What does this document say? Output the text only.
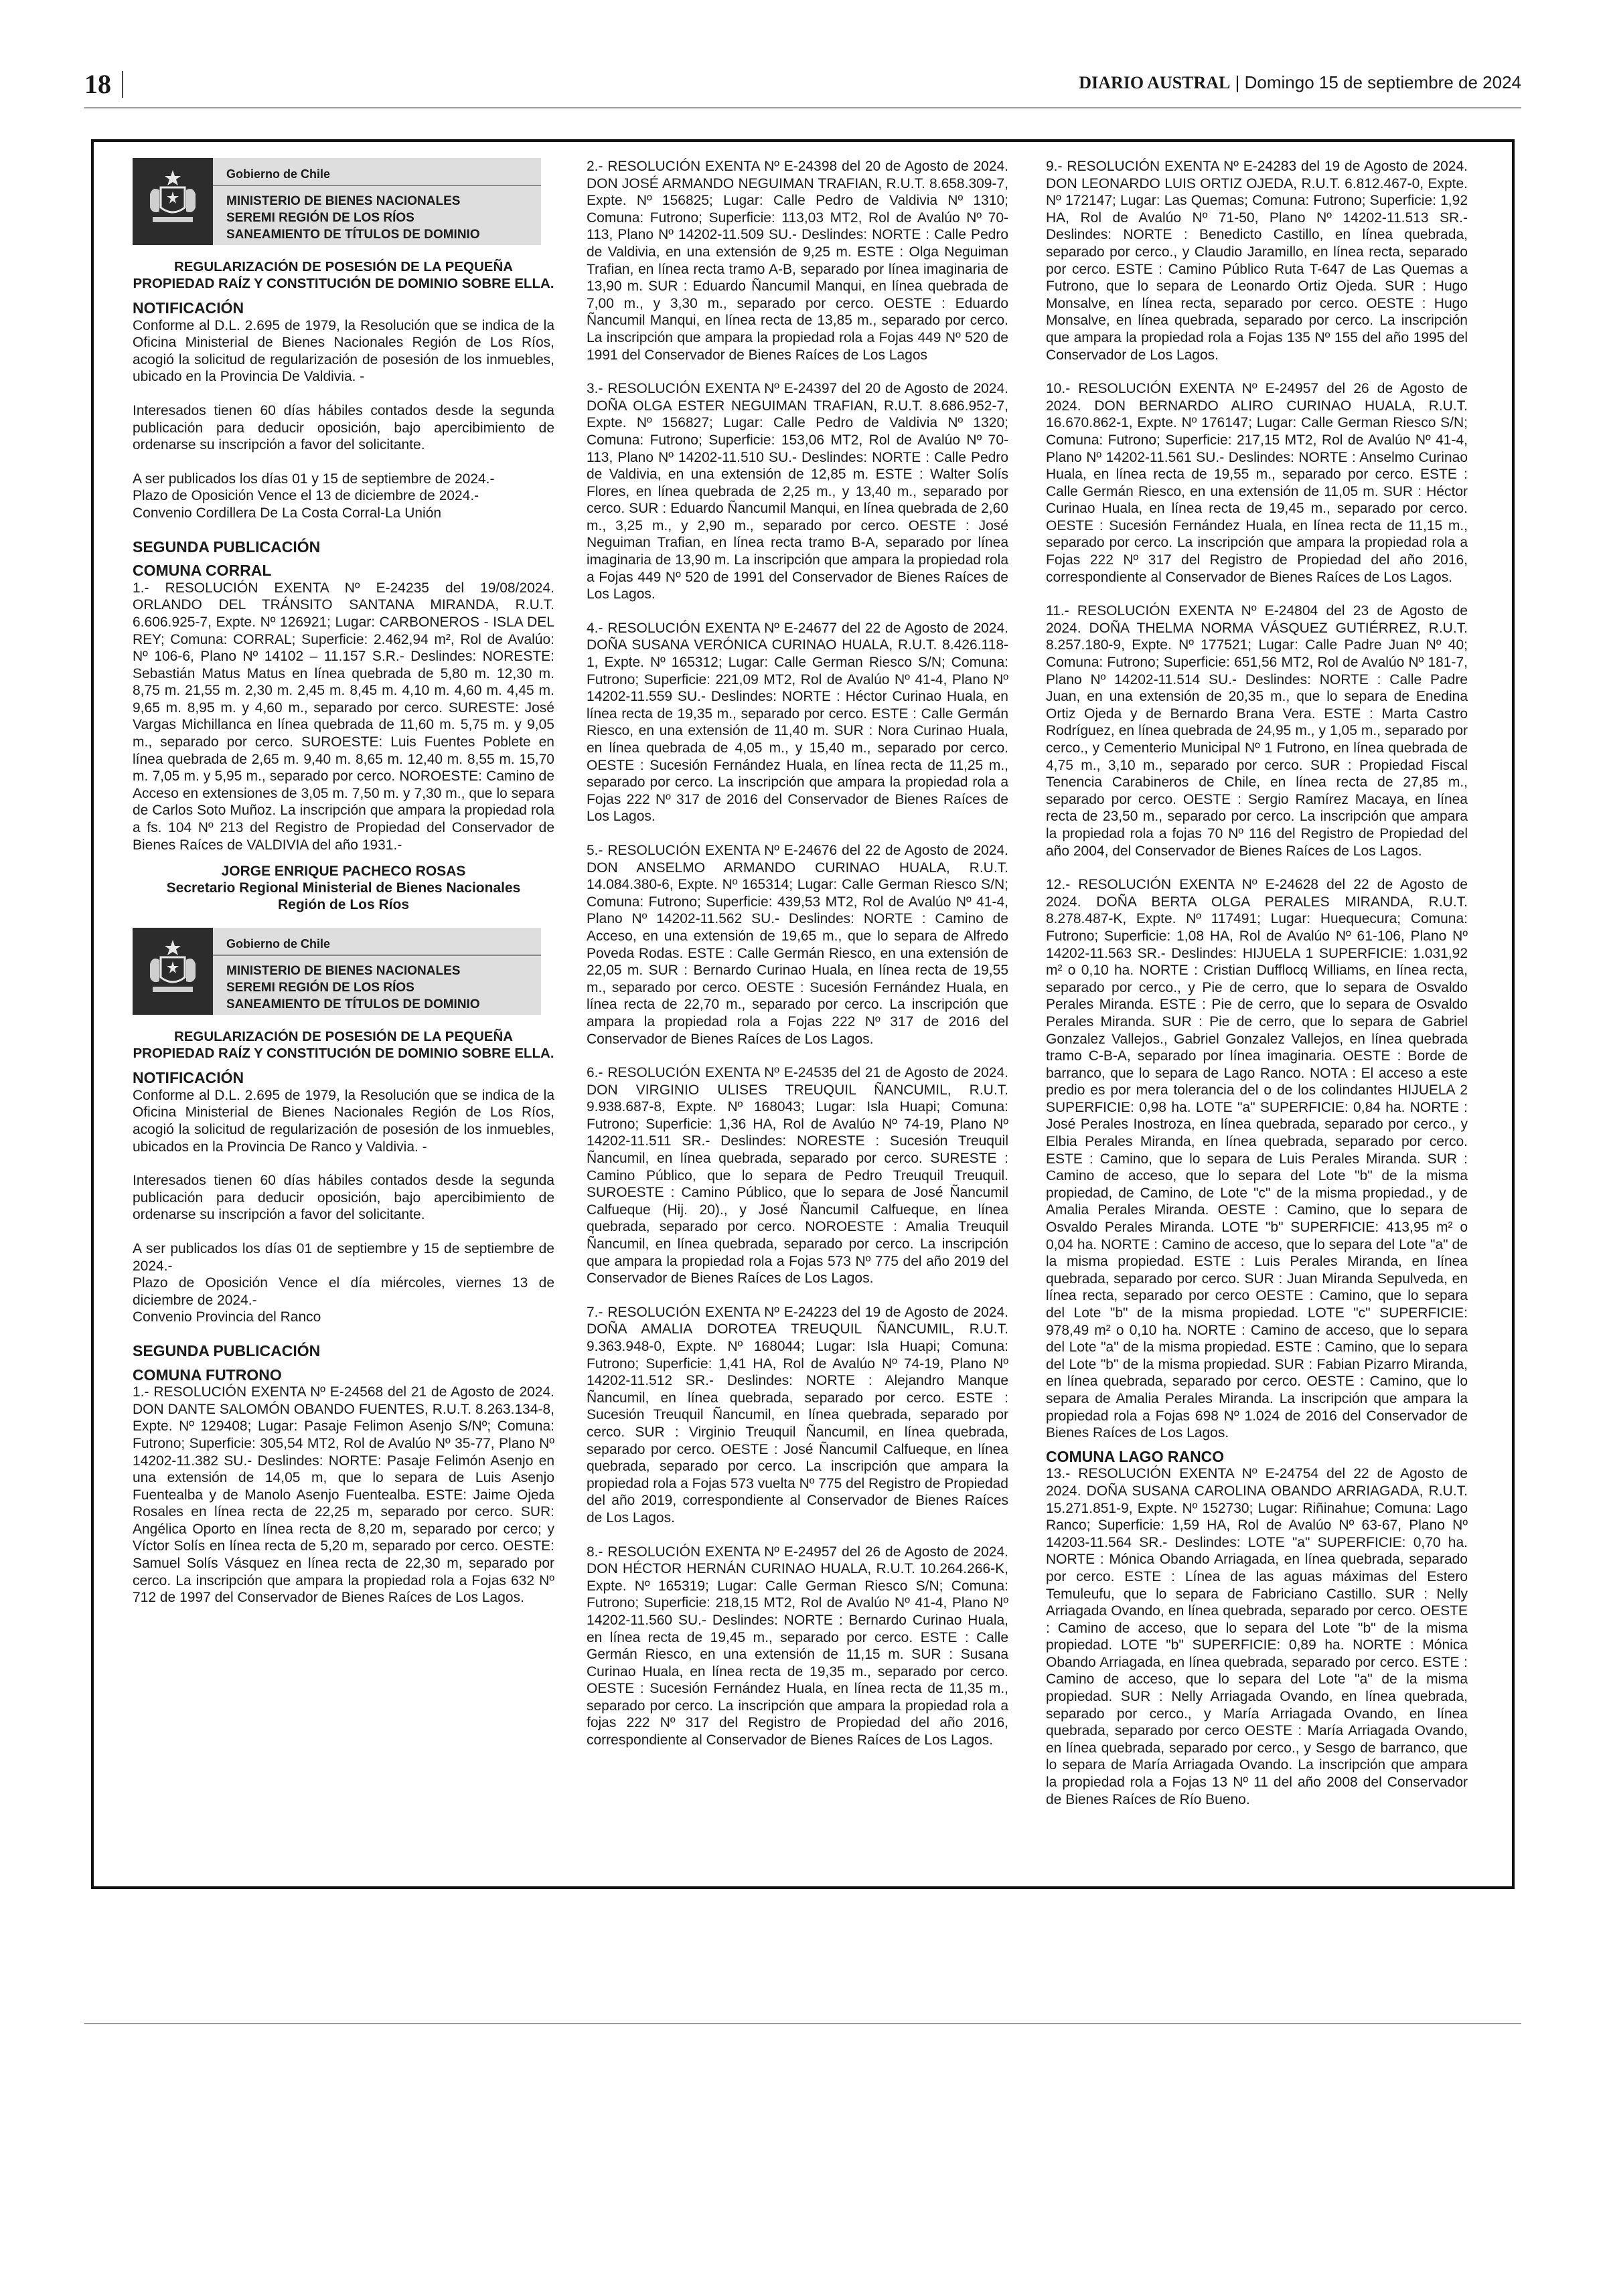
18	DIARIO AUSTRAL | Domingo 15 de septiembre de 2024
Gobierno de Chile
MINISTERIO DE BIENES NACIONALES
SEREMI REGIÓN DE LOS RÍOS
SANEAMIENTO DE TÍTULOS DE DOMINIO
REGULARIZACIÓN DE POSESIÓN DE LA PEQUEÑA PROPIEDAD RAÍZ Y CONSTITUCIÓN DE DOMINIO SOBRE ELLA.
NOTIFICACIÓN

Conforme al D.L. 2.695 de 1979, la Resolución que se indica de la Oficina Ministerial de Bienes Nacionales Región de Los Ríos, acogió la solicitud de regularización de posesión de los inmuebles, ubicado en la Provincia De Valdivia. -

Interesados tienen 60 días hábiles contados desde la segunda publicación para deducir oposición, bajo apercibimiento de ordenarse su inscripción a favor del solicitante.

A ser publicados los días 01 y 15 de septiembre de 2024.-

Plazo de Oposición Vence el 13 de diciembre de 2024.-

Convenio Cordillera De La Costa Corral-La Unión

SEGUNDA PUBLICACIÓN
COMUNA CORRAL

1.- RESOLUCIÓN EXENTA Nº E-24235 del 19/08/2024. ORLANDO DEL TRÁNSITO SANTANA MIRANDA, R.U.T. 6.606.925-7, Expte. Nº 126921; Lugar: CARBONEROS - ISLA DEL REY; Comuna: CORRAL; Superficie: 2.462,94 m², Rol de Avalúo: Nº 106-6, Plano Nº 14102 – 11.157 S.R.- Deslindes: NORESTE: Sebastián Matus Matus en línea quebrada de 5,80 m. 12,30 m. 8,75 m. 21,55 m. 2,30 m. 2,45 m. 8,45 m. 4,10 m. 4,60 m. 4,45 m. 9,65 m. 8,95 m. y 4,60 m., separado por cerco. SURESTE: José Vargas Michillanca en línea quebrada de 11,60 m. 5,75 m. y 9,05 m., separado por cerco. SUROESTE: Luis Fuentes Poblete en línea quebrada de 2,65 m. 9,40 m. 8,65 m. 12,40 m. 8,55 m. 15,70 m. 7,05 m. y 5,95 m., separado por cerco. NOROESTE: Camino de Acceso en extensiones de 3,05 m. 7,50 m. y 7,30 m., que lo separa de Carlos Soto Muñoz. La inscripción que ampara la propiedad rola a fs. 104 Nº 213 del Registro de Propiedad del Conservador de Bienes Raíces de VALDIVIA del año 1931.-

JORGE ENRIQUE PACHECO ROSAS
Secretario Regional Ministerial de Bienes Nacionales
Región de Los Ríos
Gobierno de Chile
MINISTERIO DE BIENES NACIONALES
SEREMI REGIÓN DE LOS RÍOS
SANEAMIENTO DE TÍTULOS DE DOMINIO
REGULARIZACIÓN DE POSESIÓN DE LA PEQUEÑA PROPIEDAD RAÍZ Y CONSTITUCIÓN DE DOMINIO SOBRE ELLA.
NOTIFICACIÓN

Conforme al D.L. 2.695 de 1979, la Resolución que se indica de la Oficina Ministerial de Bienes Nacionales Región de Los Ríos, acogió la solicitud de regularización de posesión de los inmuebles, ubicados en la Provincia De Ranco y Valdivia. -

Interesados tienen 60 días hábiles contados desde la segunda publicación para deducir oposición, bajo apercibimiento de ordenarse su inscripción a favor del solicitante.

A ser publicados los días 01 de septiembre y 15 de septiembre de 2024.-

Plazo de Oposición Vence el día miércoles, viernes 13 de diciembre de 2024.-

Convenio Provincia del Ranco

SEGUNDA PUBLICACIÓN
COMUNA FUTRONO

1.- RESOLUCIÓN EXENTA Nº E-24568 del 21 de Agosto de 2024. DON DANTE SALOMÓN OBANDO FUENTES, R.U.T. 8.263.134-8, Expte. Nº 129408; Lugar: Pasaje Felimon Asenjo S/Nº; Comuna: Futrono; Superficie: 305,54 MT2, Rol de Avalúo Nº 35-77, Plano Nº 14202-11.382 SU.- Deslindes: NORTE: Pasaje Felimón Asenjo en una extensión de 14,05 m, que lo separa de Luis Asenjo Fuentealba y de Manolo Asenjo Fuentealba. ESTE: Jaime Ojeda Rosales en línea recta de 22,25 m, separado por cerco. SUR: Angélica Oporto en línea recta de 8,20 m, separado por cerco; y Víctor Solís en línea recta de 5,20 m, separado por cerco. OESTE: Samuel Solís Vásquez en línea recta de 22,30 m, separado por cerco. La inscripción que ampara la propiedad rola a Fojas 632 Nº 712 de 1997 del Conservador de Bienes Raíces de Los Lagos.

2.- RESOLUCIÓN EXENTA Nº E-24398 del 20 de Agosto de 2024. DON JOSÉ ARMANDO NEGUIMAN TRAFIAN, R.U.T. 8.658.309-7, Expte. Nº 156825; Lugar: Calle Pedro de Valdivia Nº 1310; Comuna: Futrono; Superficie: 113,03 MT2, Rol de Avalúo Nº 70-113, Plano Nº 14202-11.509 SU.- Deslindes: NORTE : Calle Pedro de Valdivia, en una extensión de 9,25 m. ESTE : Olga Neguiman Trafian, en línea recta tramo A-B, separado por línea imaginaria de 13,90 m. SUR : Eduardo Ñancumil Manqui, en línea quebrada de 7,00 m., y 3,30 m., separado por cerco. OESTE : Eduardo Ñancumil Manqui, en línea recta de 13,85 m., separado por cerco. La inscripción que ampara la propiedad rola a Fojas 449 Nº 520 de 1991 del Conservador de Bienes Raíces de Los Lagos

3.- RESOLUCIÓN EXENTA Nº E-24397 del 20 de Agosto de 2024. DOÑA OLGA ESTER NEGUIMAN TRAFIAN, R.U.T. 8.686.952-7, Expte. Nº 156827; Lugar: Calle Pedro de Valdivia Nº 1320; Comuna: Futrono; Superficie: 153,06 MT2, Rol de Avalúo Nº 70-113, Plano Nº 14202-11.510 SU.- Deslindes: NORTE : Calle Pedro de Valdivia, en una extensión de 12,85 m. ESTE : Walter Solís Flores, en línea quebrada de 2,25 m., y 13,40 m., separado por cerco. SUR : Eduardo Ñancumil Manqui, en línea quebrada de 2,60 m., 3,25 m., y 2,90 m., separado por cerco. OESTE : José Neguiman Trafian, en línea recta tramo B-A, separado por línea imaginaria de 13,90 m. La inscripción que ampara la propiedad rola a Fojas 449 Nº 520 de 1991 del Conservador de Bienes Raíces de Los Lagos.

4.- RESOLUCIÓN EXENTA Nº E-24677 del 22 de Agosto de 2024. DOÑA SUSANA VERÓNICA CURINAO HUALA, R.U.T. 8.426.118-1, Expte. Nº 165312; Lugar: Calle German Riesco S/N; Comuna: Futrono; Superficie: 221,09 MT2, Rol de Avalúo Nº 41-4, Plano Nº 14202-11.559 SU.- Deslindes: NORTE : Héctor Curinao Huala, en línea recta de 19,35 m., separado por cerco. ESTE : Calle Germán Riesco, en una extensión de 11,40 m. SUR : Nora Curinao Huala, en línea quebrada de 4,05 m., y 15,40 m., separado por cerco. OESTE : Sucesión Fernández Huala, en línea recta de 11,25 m., separado por cerco. La inscripción que ampara la propiedad rola a Fojas 222 Nº 317 de 2016 del Conservador de Bienes Raíces de Los Lagos.

5.- RESOLUCIÓN EXENTA Nº E-24676 del 22 de Agosto de 2024. DON ANSELMO ARMANDO CURINAO HUALA, R.U.T. 14.084.380-6, Expte. Nº 165314; Lugar: Calle German Riesco S/N; Comuna: Futrono; Superficie: 439,53 MT2, Rol de Avalúo Nº 41-4, Plano Nº 14202-11.562 SU.- Deslindes: NORTE : Camino de Acceso, en una extensión de 19,65 m., que lo separa de Alfredo Poveda Rodas. ESTE : Calle Germán Riesco, en una extensión de 22,05 m. SUR : Bernardo Curinao Huala, en línea recta de 19,55 m., separado por cerco. OESTE : Sucesión Fernández Huala, en línea recta de 22,70 m., separado por cerco. La inscripción que ampara la propiedad rola a Fojas 222 Nº 317 de 2016 del Conservador de Bienes Raíces de Los Lagos.

6.- RESOLUCIÓN EXENTA Nº E-24535 del 21 de Agosto de 2024. DON VIRGINIO ULISES TREUQUIL ÑANCUMIL, R.U.T. 9.938.687-8, Expte. Nº 168043; Lugar: Isla Huapi; Comuna: Futrono; Superficie: 1,36 HA, Rol de Avalúo Nº 74-19, Plano Nº 14202-11.511 SR.- Deslindes: NORESTE : Sucesión Treuquil Ñancumil, en línea quebrada, separado por cerco. SURESTE : Camino Público, que lo separa de Pedro Treuquil Treuquil. SUROESTE : Camino Público, que lo separa de José Ñancumil Calfueque (Hij. 20)., y José Ñancumil Calfueque, en línea quebrada, separado por cerco. NOROESTE : Amalia Treuquil Ñancumil, en línea quebrada, separado por cerco. La inscripción que ampara la propiedad rola a Fojas 573 Nº 775 del año 2019 del Conservador de Bienes Raíces de Los Lagos.

7.- RESOLUCIÓN EXENTA Nº E-24223 del 19 de Agosto de 2024. DOÑA AMALIA DOROTEA TREUQUIL ÑANCUMIL, R.U.T. 9.363.948-0, Expte. Nº 168044; Lugar: Isla Huapi; Comuna: Futrono; Superficie: 1,41 HA, Rol de Avalúo Nº 74-19, Plano Nº 14202-11.512 SR.- Deslindes: NORTE : Alejandro Manque Ñancumil, en línea quebrada, separado por cerco. ESTE : Sucesión Treuquil Ñancumil, en línea quebrada, separado por cerco. SUR : Virginio Treuquil Ñancumil, en línea quebrada, separado por cerco. OESTE : José Ñancumil Calfueque, en línea quebrada, separado por cerco. La inscripción que ampara la propiedad rola a Fojas 573 vuelta Nº 775 del Registro de Propiedad del año 2019, correspondiente al Conservador de Bienes Raíces de Los Lagos.

8.- RESOLUCIÓN EXENTA Nº E-24957 del 26 de Agosto de 2024. DON HÉCTOR HERNÁN CURINAO HUALA, R.U.T. 10.264.266-K, Expte. Nº 165319; Lugar: Calle German Riesco S/N; Comuna: Futrono; Superficie: 218,15 MT2, Rol de Avalúo Nº 41-4, Plano Nº 14202-11.560 SU.- Deslindes: NORTE : Bernardo Curinao Huala, en línea recta de 19,45 m., separado por cerco. ESTE : Calle Germán Riesco, en una extensión de 11,15 m. SUR : Susana Curinao Huala, en línea recta de 19,35 m., separado por cerco. OESTE : Sucesión Fernández Huala, en línea recta de 11,35 m., separado por cerco. La inscripción que ampara la propiedad rola a fojas 222 Nº 317 del Registro de Propiedad del año 2016, correspondiente al Conservador de Bienes Raíces de Los Lagos.

9.- RESOLUCIÓN EXENTA Nº E-24283 del 19 de Agosto de 2024. DON LEONARDO LUIS ORTIZ OJEDA, R.U.T. 6.812.467-0, Expte. Nº 172147; Lugar: Las Quemas; Comuna: Futrono; Superficie: 1,92 HA, Rol de Avalúo Nº 71-50, Plano Nº 14202-11.513 SR.- Deslindes: NORTE : Benedicto Castillo, en línea quebrada, separado por cerco., y Claudio Jaramillo, en línea recta, separado por cerco. ESTE : Camino Público Ruta T-647 de Las Quemas a Futrono, que lo separa de Leonardo Ortiz Ojeda. SUR : Hugo Monsalve, en línea recta, separado por cerco. OESTE : Hugo Monsalve, en línea quebrada, separado por cerco. La inscripción que ampara la propiedad rola a Fojas 135 Nº 155 del año 1995 del Conservador de Los Lagos.

10.- RESOLUCIÓN EXENTA Nº E-24957 del 26 de Agosto de 2024. DON BERNARDO ALIRO CURINAO HUALA, R.U.T. 16.670.862-1, Expte. Nº 176147; Lugar: Calle German Riesco S/N; Comuna: Futrono; Superficie: 217,15 MT2, Rol de Avalúo Nº 41-4, Plano Nº 14202-11.561 SU.- Deslindes: NORTE : Anselmo Curinao Huala, en línea recta de 19,55 m., separado por cerco. ESTE : Calle Germán Riesco, en una extensión de 11,05 m. SUR : Héctor Curinao Huala, en línea recta de 19,45 m., separado por cerco. OESTE : Sucesión Fernández Huala, en línea recta de 11,15 m., separado por cerco. La inscripción que ampara la propiedad rola a Fojas 222 Nº 317 del Registro de Propiedad del año 2016, correspondiente al Conservador de Bienes Raíces de Los Lagos.

11.- RESOLUCIÓN EXENTA Nº E-24804 del 23 de Agosto de 2024. DOÑA THELMA NORMA VÁSQUEZ GUTIÉRREZ, R.U.T. 8.257.180-9, Expte. Nº 177521; Lugar: Calle Padre Juan Nº 40; Comuna: Futrono; Superficie: 651,56 MT2, Rol de Avalúo Nº 181-7, Plano Nº 14202-11.514 SU.- Deslindes: NORTE : Calle Padre Juan, en una extensión de 20,35 m., que lo separa de Enedina Ortiz Ojeda y de Bernardo Brana Vera. ESTE : Marta Castro Rodríguez, en línea quebrada de 24,95 m., y 1,05 m., separado por cerco., y Cementerio Municipal Nº 1 Futrono, en línea quebrada de 4,75 m., 3,10 m., separado por cerco. SUR : Propiedad Fiscal Tenencia Carabineros de Chile, en línea recta de 27,85 m., separado por cerco. OESTE : Sergio Ramírez Macaya, en línea recta de 23,50 m., separado por cerco. La inscripción que ampara la propiedad rola a fojas 70 Nº 116 del Registro de Propiedad del año 2004, del Conservador de Bienes Raíces de Los Lagos.

12.- RESOLUCIÓN EXENTA Nº E-24628 del 22 de Agosto de 2024. DOÑA BERTA OLGA PERALES MIRANDA, R.U.T. 8.278.487-K, Expte. Nº 117491; Lugar: Huequecura; Comuna: Futrono; Superficie: 1,08 HA, Rol de Avalúo Nº 61-106, Plano Nº 14202-11.563 SR.- Deslindes: HIJUELA 1 SUPERFICIE: 1.031,92 m² o 0,10 ha. NORTE : Cristian Dufflocq Williams, en línea recta, separado por cerco., y Pie de cerro, que lo separa de Osvaldo Perales Miranda. ESTE : Pie de cerro, que lo separa de Osvaldo Perales Miranda. SUR : Pie de cerro, que lo separa de Gabriel Gonzalez Vallejos., Gabriel Gonzalez Vallejos, en línea quebrada tramo C-B-A, separado por línea imaginaria. OESTE : Borde de barranco, que lo separa de Lago Ranco. NOTA : El acceso a este predio es por mera tolerancia del o de los colindantes HIJUELA 2 SUPERFICIE: 0,98 ha. LOTE "a" SUPERFICIE: 0,84 ha. NORTE : José Perales Inostroza, en línea quebrada, separado por cerco., y Elbia Perales Miranda, en línea quebrada, separado por cerco. ESTE : Camino, que lo separa de Luis Perales Miranda. SUR : Camino de acceso, que lo separa del Lote "b" de la misma propiedad, de Camino, de Lote "c" de la misma propiedad., y de Amalia Perales Miranda. OESTE : Camino, que lo separa de Osvaldo Perales Miranda. LOTE "b" SUPERFICIE: 413,95 m² o 0,04 ha. NORTE : Camino de acceso, que lo separa del Lote "a" de la misma propiedad. ESTE : Luis Perales Miranda, en línea quebrada, separado por cerco. SUR : Juan Miranda Sepulveda, en línea recta, separado por cerco OESTE : Camino, que lo separa del Lote "b" de la misma propiedad. LOTE "c" SUPERFICIE: 978,49 m² o 0,10 ha. NORTE : Camino de acceso, que lo separa del Lote "a" de la misma propiedad. ESTE : Camino, que lo separa del Lote "b" de la misma propiedad. SUR : Fabian Pizarro Miranda, en línea quebrada, separado por cerco. OESTE : Camino, que lo separa de Amalia Perales Miranda. La inscripción que ampara la propiedad rola a Fojas 698 Nº 1.024 de 2016 del Conservador de Bienes Raíces de Los Lagos.

COMUNA LAGO RANCO

13.- RESOLUCIÓN EXENTA Nº E-24754 del 22 de Agosto de 2024. DOÑA SUSANA CAROLINA OBANDO ARRIAGADA, R.U.T. 15.271.851-9, Expte. Nº 152730; Lugar: Riñinahue; Comuna: Lago Ranco; Superficie: 1,59 HA, Rol de Avalúo Nº 63-67, Plano Nº 14203-11.564 SR.- Deslindes: LOTE "a" SUPERFICIE: 0,70 ha. NORTE : Mónica Obando Arriagada, en línea quebrada, separado por cerco. ESTE : Línea de las aguas máximas del Estero Temuleufu, que lo separa de Fabriciano Castillo. SUR : Nelly Arriagada Ovando, en línea quebrada, separado por cerco. OESTE : Camino de acceso, que lo separa del Lote "b" de la misma propiedad. LOTE "b" SUPERFICIE: 0,89 ha. NORTE : Mónica Obando Arriagada, en línea quebrada, separado por cerco. ESTE : Camino de acceso, que lo separa del Lote "a" de la misma propiedad. SUR : Nelly Arriagada Ovando, en línea quebrada, separado por cerco., y María Arriagada Ovando, en línea quebrada, separado por cerco OESTE : María Arriagada Ovando, en línea quebrada, separado por cerco., y Sesgo de barranco, que lo separa de María Arriagada Ovando. La inscripción que ampara la propiedad rola a Fojas 13 Nº 11 del año 2008 del Conservador de Bienes Raíces de Río Bueno.
